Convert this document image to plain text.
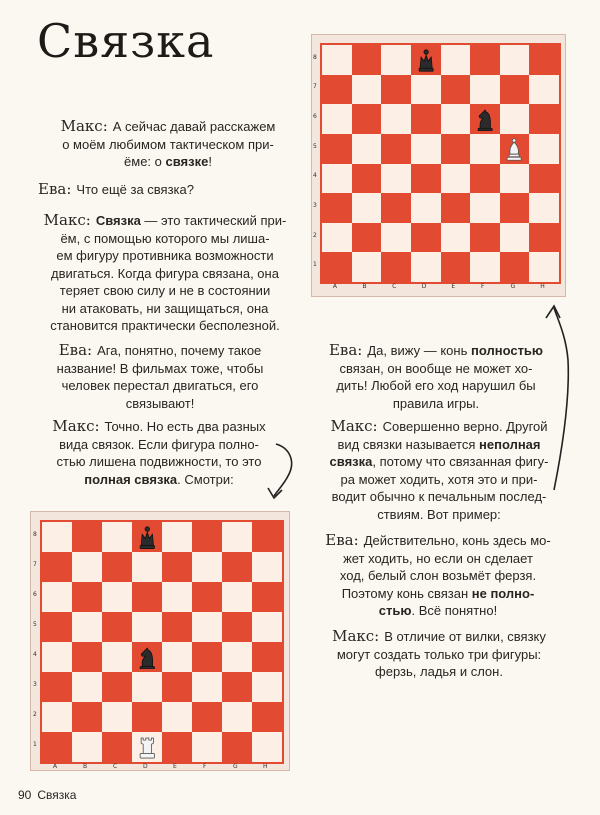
Связка
Макс: А сейчас давай расскажем
о моём любимом тактическом при-
ёме: о связке!
Ева: Что ещё за связка?
Макс: Связка — это тактический при-
ём, с помощью которого мы лиша-
ем фигуру противника возможности
двигаться. Когда фигура связана, она
теряет свою силу и не в состоянии
ни атаковать, ни защищаться, она
становится практически бесполезной.
Ева: Ага, понятно, почему такое
название! В фильмах тоже, чтобы
человек перестал двигаться, его
связывают!
Макс: Точно. Но есть два разных
вида связок. Если фигура полно-
стью лишена подвижности, то это
полная связка. Смотри:
Ева: Да, вижу — конь полностью
связан, он вообще не может хо-
дить! Любой его ход нарушил бы
правила игры.
Макс: Совершенно верно. Другой
вид связки называется неполная
связка, потому что связанная фигу-
ра может ходить, хотя это и при-
водит обычно к печальным послед-
ствиям. Вот пример:
Ева: Действительно, конь здесь мо-
жет ходить, но если он сделает
ход, белый слон возьмёт ферзя.
Поэтому конь связан не полно-
стью. Всё понятно!
Макс: В отличие от вилки, связку
могут создать только три фигуры:
ферзь, ладья и слон.
8
7
6
5
4
3
2
1
A	B	C	D	E	F	G	H
8
7
6
5
4
3
2
1
A	B	C	D	E	F	G	H
90 Связка
